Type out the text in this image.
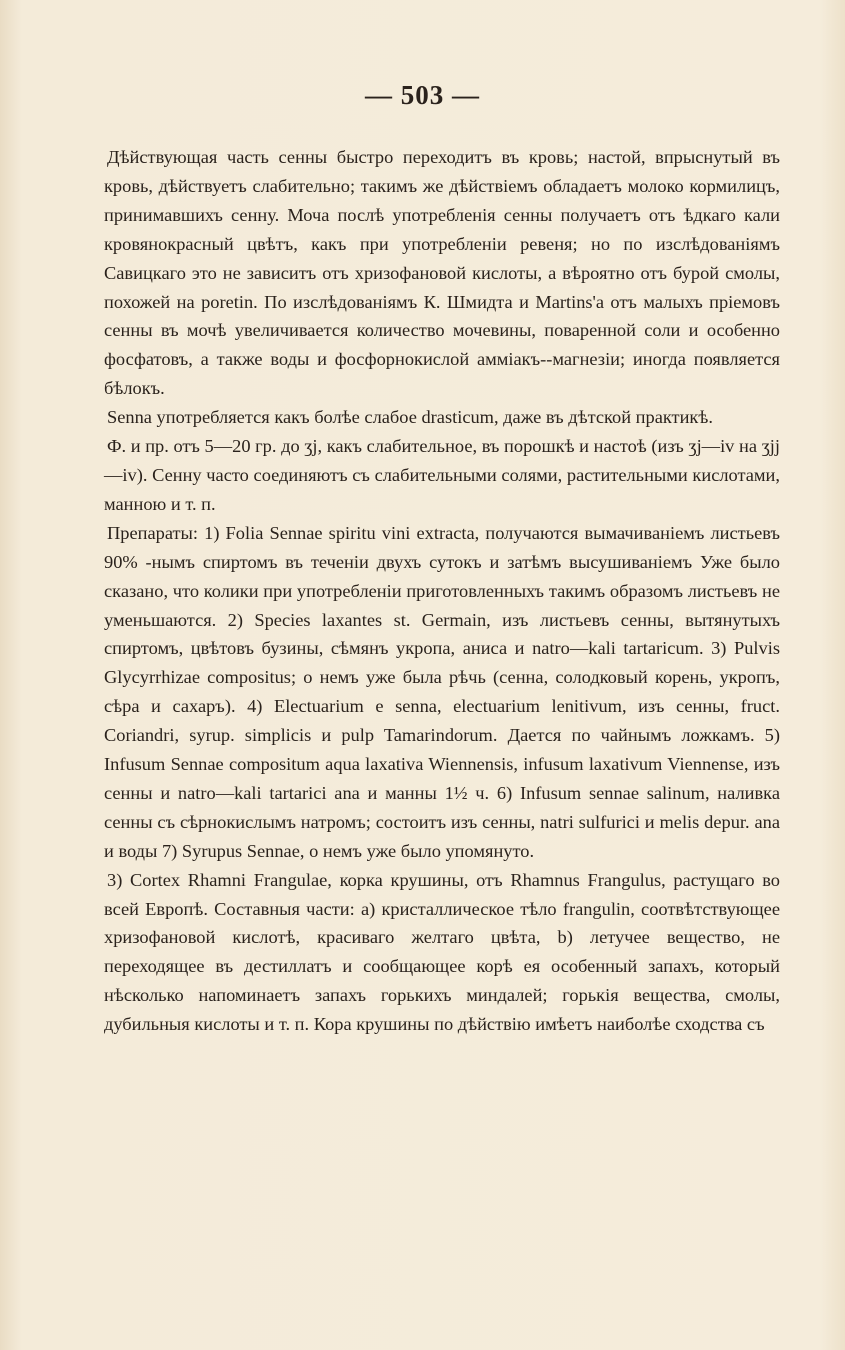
— 503 —

Дѣйствующая часть сенны быстро переходитъ въ кровь; настой, впрыснутый въ кровь, дѣйствуетъ слабительно; такимъ же дѣйствіемъ обладаетъ молоко кормилицъ, принимавшихъ сенну. Моча послѣ употребленія сенны получаетъ отъ ѣдкаго кали кровянокрасный цвѣтъ, какъ при употребленіи ревеня; но по изслѣдованіямъ Савицкаго это не зависитъ отъ хризофановой кислоты, а вѣроятно отъ бурой смолы, похожей на poretin. По изслѣдованіямъ К. Шмидта и Martins'а отъ малыхъ пріемовъ сенны въ мочѣ увеличивается количество мочевины, поваренной соли и особенно фосфатовъ, а также воды и фосфорнокислой амміакъ--магнезіи; иногда появляется бѣлокъ.

Senna употребляется какъ болѣе слабое drasticum, даже въ дѣтской практикѣ.

Ф. и пр. отъ 5—20 гр. до ʒj, какъ слабительное, въ порошкѣ и настоѣ (изъ ʒj—iv на ʒjj—iv). Сенну часто соединяютъ съ слабительными солями, растительными кислотами, манною и т. п.

Препараты: 1) Folia Sennae spiritu vini extracta, получаются вымачиваніемъ листьевъ 90% -нымъ спиртомъ въ теченіи двухъ сутокъ и затѣмъ высушиваніемъ Уже было сказано, что колики при употребленіи приготовленныхъ такимъ образомъ листьевъ не уменьшаются. 2) Species laxantes st. Germain, изъ листьевъ сенны, вытянутыхъ спиртомъ, цвѣтовъ бузины, сѣмянъ укропа, аниса и natro—kali tartaricum. 3) Pulvis Glycyrrhizae compositus; о немъ уже была рѣчь (сенна, солодковый корень, укропъ, сѣра и сахаръ). 4) Electuarium e senna, electuarium lenitivum, изъ сенны, fruct. Coriandri, syrup. simplicis и pulp Tamarindorum. Дается по чайнымъ ложкамъ. 5) Infusum Sennae compositum aqua laxativa Wiennensis, infusum laxativum Viennense, изъ сенны и natro—kali tartarici ana и манны 1½ ч. 6) Infusum sennae salinum, наливка сенны съ сѣрнокислымъ натромъ; состоитъ изъ сенны, natri sulfurici и melis depur. ana и воды 7) Syrupus Sennae, о немъ уже было упомянуто.

3) Cortex Rhamni Frangulae, корка крушины, отъ Rhamnus Frangulus, растущаго во всей Европѣ. Составныя части: a) кристаллическое тѣло frangulin, соотвѣтствующее хризофановой кислотѣ, красиваго желтаго цвѣта, b) летучее вещество, не переходящее въ дестиллатъ и сообщающее корѣ ея особенный запахъ, который нѣсколько напоминаетъ запахъ горькихъ миндалей; горькія вещества, смолы, дубильныя кислоты и т. п. Кора крушины по дѣйствію имѣетъ наиболѣе сходства съ
